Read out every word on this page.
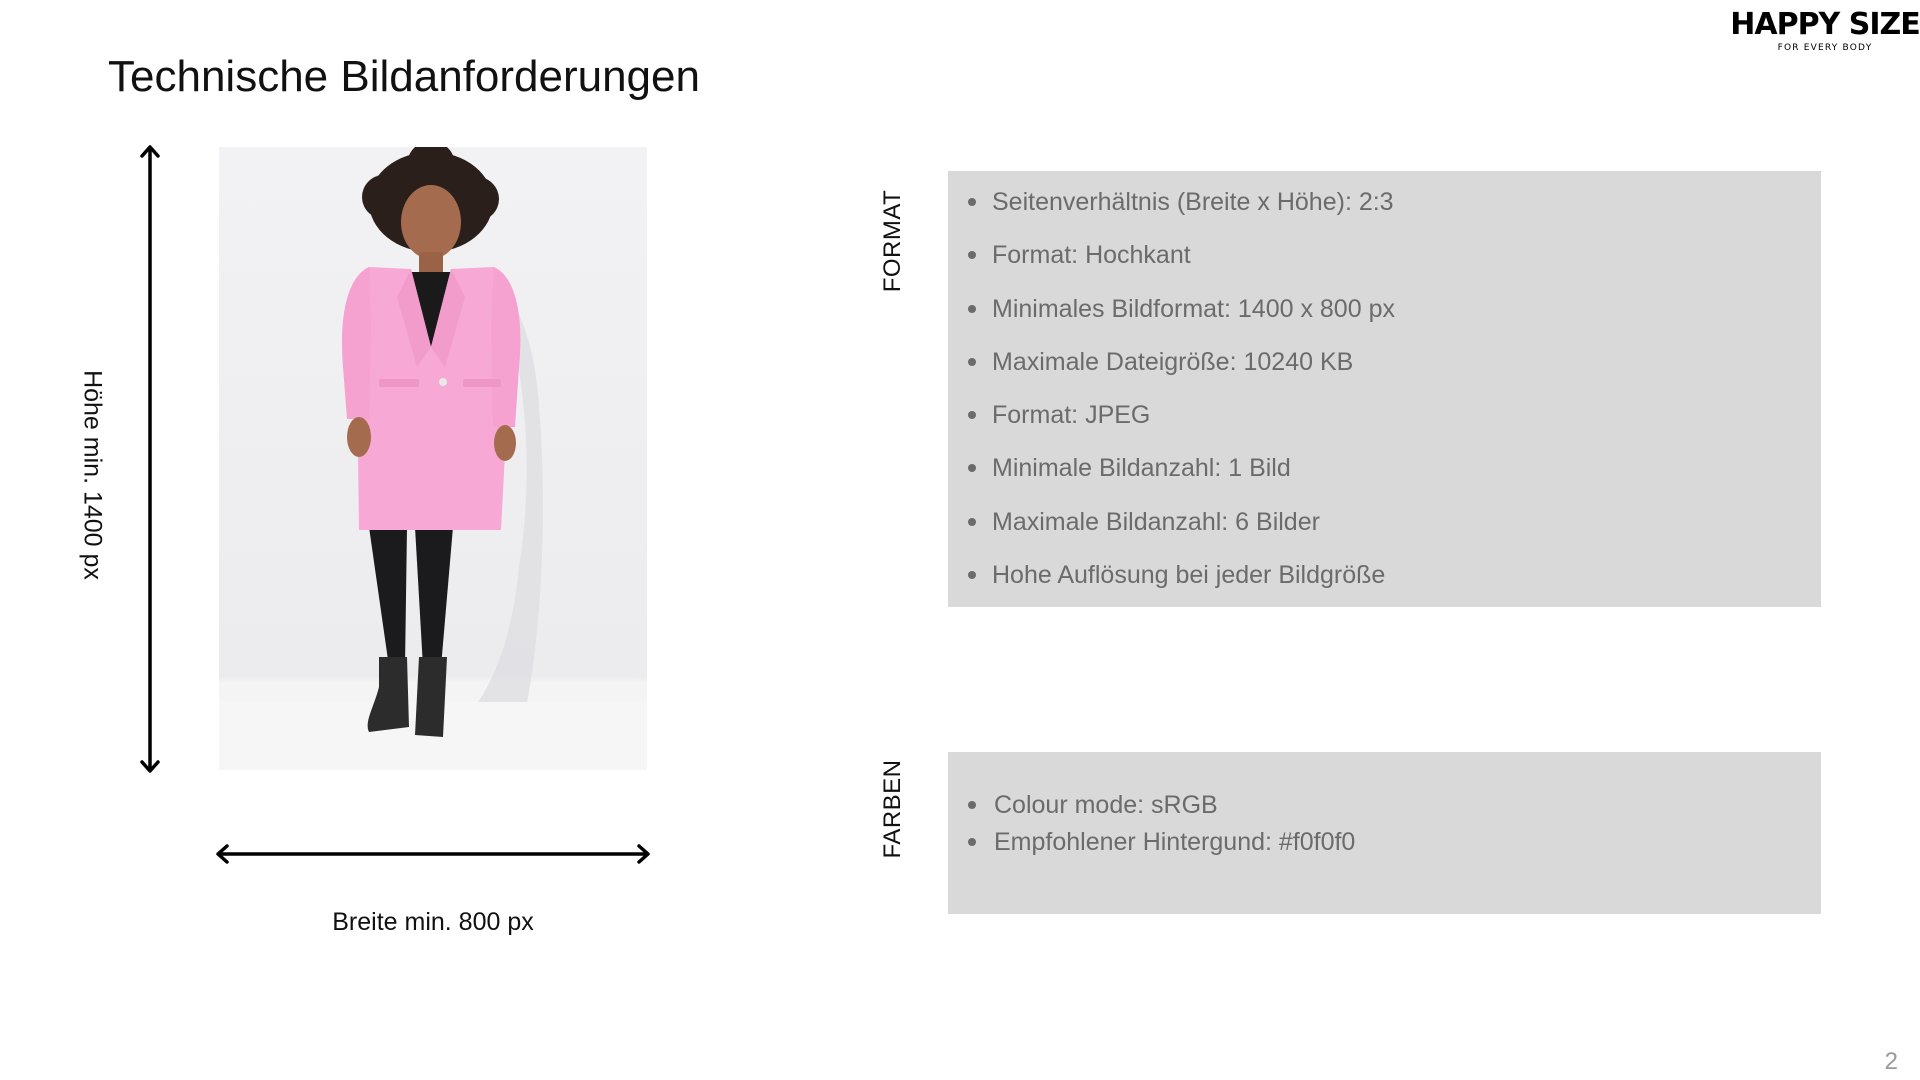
Technische Bildanforderungen
HAPPY SIZE
FOR EVERY BODY
Höhe min. 1400 px
Breite min. 800 px
FORMAT	Seitenverhältnis (Breite x Höhe): 2:3
Format: Hochkant
Minimales Bildformat: 1400 x 800 px
Maximale Dateigröße: 10240 KB
Format: JPEG
Minimale Bildanzahl: 1 Bild
Maximale Bildanzahl: 6 Bilder
Hohe Auflösung bei jeder Bildgröße
FARBEN	Colour mode: sRGB
Empfohlener Hintergund: #f0f0f0
2
